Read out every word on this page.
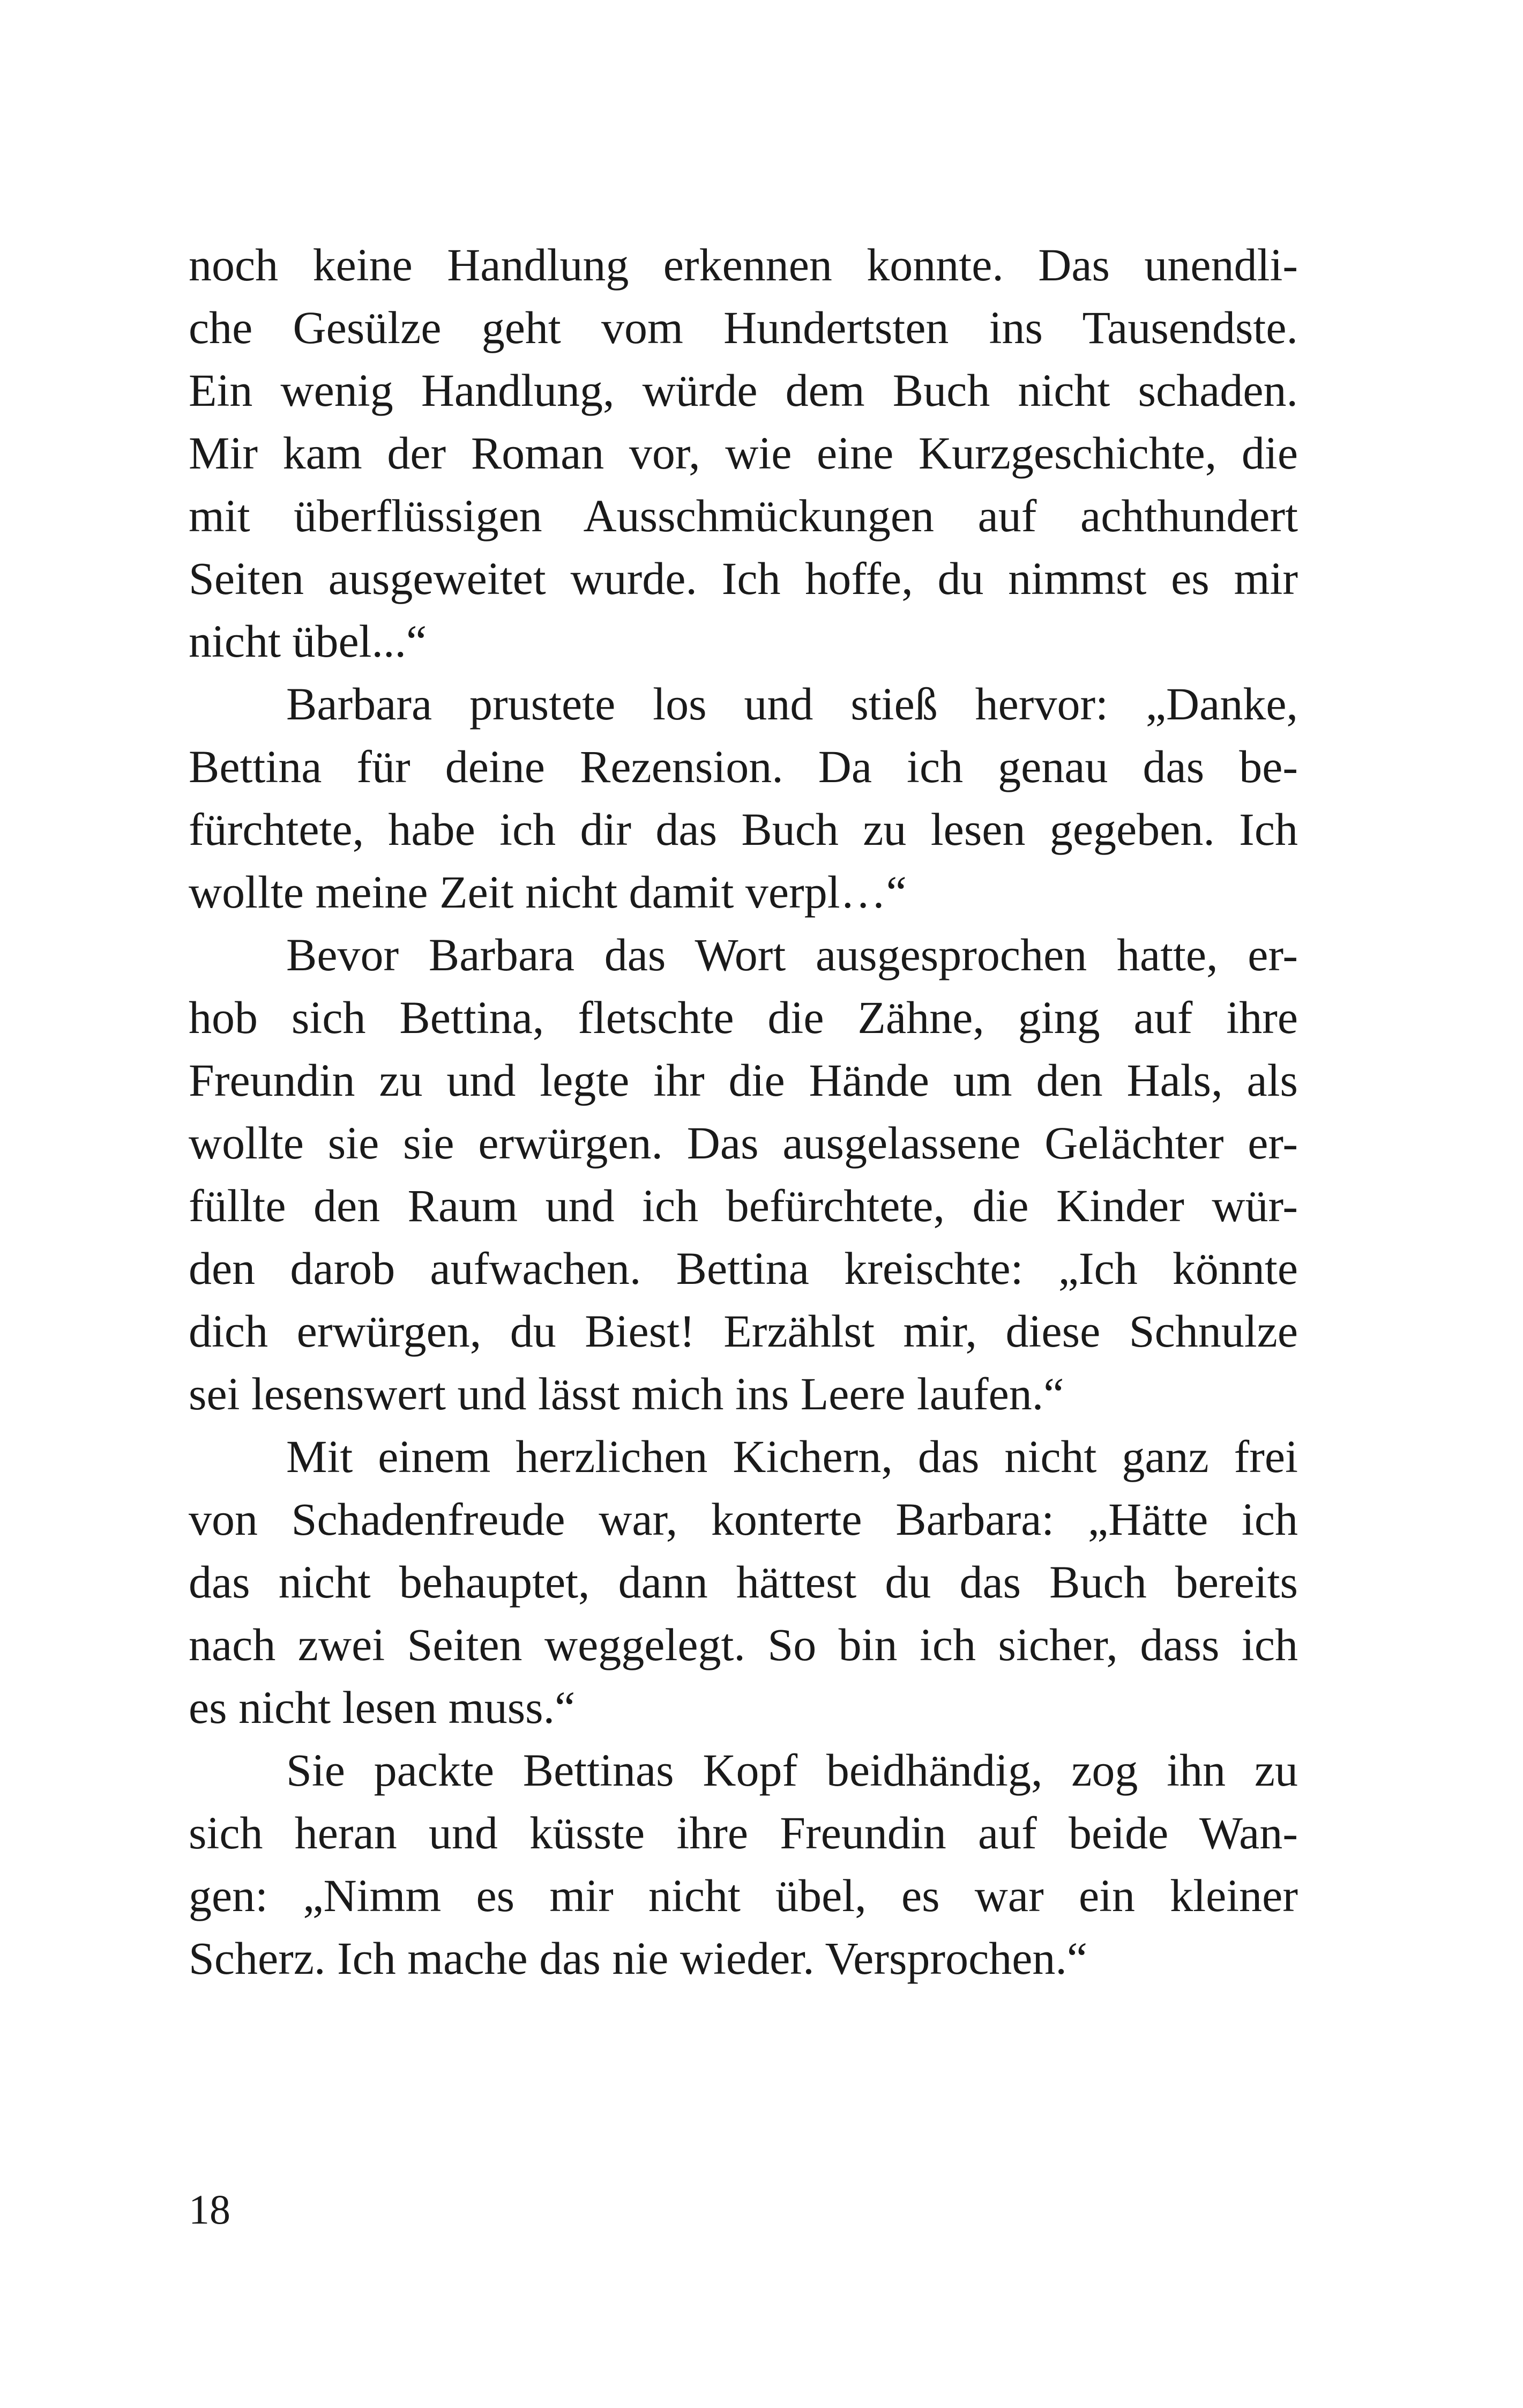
noch keine Handlung erkennen konnte. Das unendli-
che Gesülze geht vom Hundertsten ins Tausendste.
Ein wenig Handlung, würde dem Buch nicht schaden.
Mir kam der Roman vor, wie eine Kurzgeschichte, die
mit überflüssigen Ausschmückungen auf achthundert
Seiten ausgeweitet wurde. Ich hoffe, du nimmst es mir
nicht übel...“
Barbara prustete los und stieß hervor: „Danke,
Bettina für deine Rezension. Da ich genau das be-
fürchtete, habe ich dir das Buch zu lesen gegeben. Ich
wollte meine Zeit nicht damit verpl…“
Bevor Barbara das Wort ausgesprochen hatte, er-
hob sich Bettina, fletschte die Zähne, ging auf ihre
Freundin zu und legte ihr die Hände um den Hals, als
wollte sie sie erwürgen. Das ausgelassene Gelächter er-
füllte den Raum und ich befürchtete, die Kinder wür-
den darob aufwachen. Bettina kreischte: „Ich könnte
dich erwürgen, du Biest! Erzählst mir, diese Schnulze
sei lesenswert und lässt mich ins Leere laufen.“
Mit einem herzlichen Kichern, das nicht ganz frei
von Schadenfreude war, konterte Barbara: „Hätte ich
das nicht behauptet, dann hättest du das Buch bereits
nach zwei Seiten weggelegt. So bin ich sicher, dass ich
es nicht lesen muss.“
Sie packte Bettinas Kopf beidhändig, zog ihn zu
sich heran und küsste ihre Freundin auf beide Wan-
gen: „Nimm es mir nicht übel, es war ein kleiner
Scherz. Ich mache das nie wieder. Versprochen.“
18
